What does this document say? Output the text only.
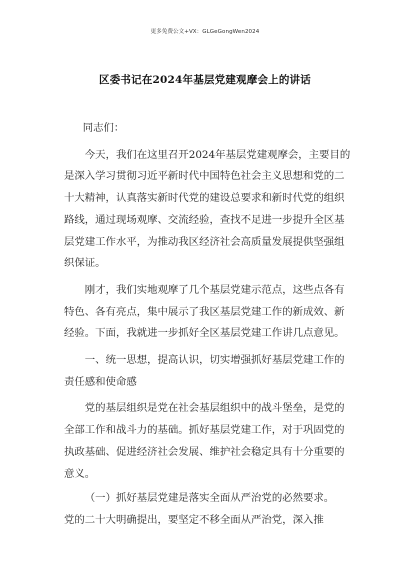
更多免费公文+VX：GLGeGongWen2024
区委书记在2024年基层党建观摩会上的讲话

同志们：

今天，我们在这里召开2024年基层党建观摩会，主要目的是深入学习贯彻习近平新时代中国特色社会主义思想和党的二十大精神，认真落实新时代党的建设总要求和新时代党的组织路线，通过现场观摩、交流经验，查找不足进一步提升全区基层党建工作水平，为推动我区经济社会高质量发展提供坚强组织保证。

刚才，我们实地观摩了几个基层党建示范点，这些点各有特色、各有亮点，集中展示了我区基层党建工作的新成效、新经验。下面，我就进一步抓好全区基层党建工作讲几点意见。

一、统一思想，提高认识，切实增强抓好基层党建工作的责任感和使命感

党的基层组织是党在社会基层组织中的战斗堡垒，是党的全部工作和战斗力的基础。抓好基层党建工作，对于巩固党的执政基础、促进经济社会发展、维护社会稳定具有十分重要的意义。

（一）抓好基层党建是落实全面从严治党的必然要求。

党的二十大明确提出，要坚定不移全面从严治党，深入推
